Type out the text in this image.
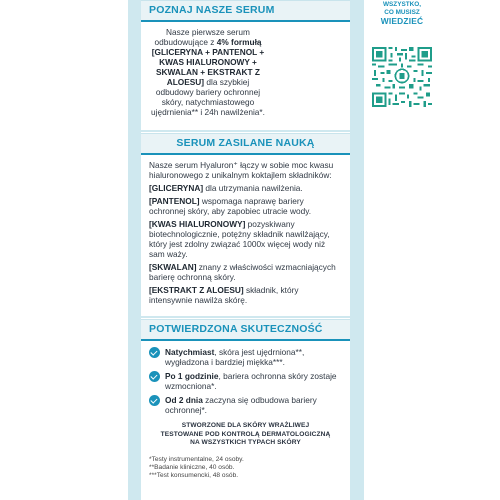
POZNAJ NASZE SERUM

Nasze pierwsze serum odbudowujące z 4% formułą [GLICERYNA + PANTENOL + KWAS HIALURONOWY + SKWALAN + EKSTRAKT Z ALOESU] dla szybkiej odbudowy bariery ochronnej skóry, natychmiastowego ujędrnienia** i 24h nawilżenia*.

SERUM ZASILANE NAUKĄ

Nasze serum Hyaluron⁺ łączy w sobie moc kwasu hialuronowego z unikalnym koktajlem składników:

[GLICERYNA] dla utrzymania nawilżenia.

[PANTENOL] wspomaga naprawę bariery ochronnej skóry, aby zapobiec utracie wody.

[KWAS HIALURONOWY] pozyskiwany biotechnologicznie, potężny składnik nawilżający, który jest zdolny związać 1000x więcej wody niż sam waży.

[SKWALAN] znany z właściwości wzmacniających barierę ochronną skóry.

[EKSTRAKT Z ALOESU] składnik, który intensywnie nawilża skórę.

POTWIERDZONA SKUTECZNOŚĆ
Natychmiast, skóra jest ujędrniona**, wygładzona i bardziej miękka***.
Po 1 godzinie, bariera ochronna skóry zostaje wzmocniona*.
Od 2 dnia zaczyna się odbudowa bariery ochronnej*.
STWORZONE DLA SKÓRY WRAŻLIWEJ
TESTOWANE POD KONTROLĄ DERMATOLOGICZNĄ
NA WSZYSTKICH TYPACH SKÓRY
*Testy instrumentalne, 24 osoby.
**Badanie kliniczne, 40 osób.
***Test konsumencki, 48 osób.
WSZYSTKO,
CO MUSISZ
WIEDZIEĆ
